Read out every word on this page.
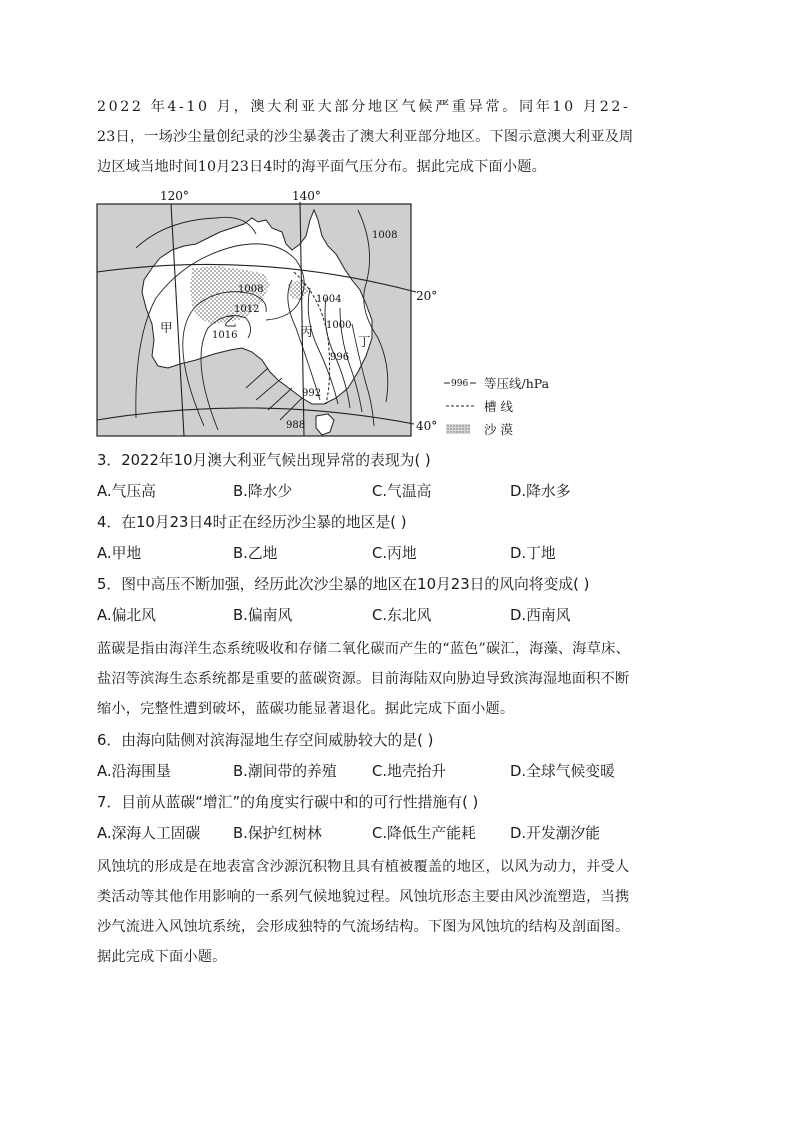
2022 年4-10 月，澳大利亚大部分地区气候严重异常。同年10 月22-

23日，一场沙尘量创纪录的沙尘暴袭击了澳大利亚部分地区。下图示意澳大利亚及周

边区域当地时间10月23日4时的海平面气压分布。据此完成下面小题。

1008
1008
1012
1016
1004
1000
996
992
988
甲	乙
丙
丁
120°	140°
20°
40°
996 等压线/hPa
槽 线
沙 漠
3．2022年10月澳大利亚气候出现异常的表现为( )
A.气压高	B.降水少	C.气温高	D.降水多
4．在10月23日4时正在经历沙尘暴的地区是( )
A.甲地	B.乙地	C.丙地	D.丁地
5．图中高压不断加强，经历此次沙尘暴的地区在10月23日的风向将变成( )
A.偏北风	B.偏南风	C.东北风	D.西南风

蓝碳是指由海洋生态系统吸收和存储二氧化碳而产生的“蓝色”碳汇，海藻、海草床、

盐沼等滨海生态系统都是重要的蓝碳资源。目前海陆双向胁迫导致滨海湿地面积不断

缩小，完整性遭到破坏，蓝碳功能显著退化。据此完成下面小题。

6．由海向陆侧对滨海湿地生存空间威胁较大的是( )
A.沿海围垦	B.潮间带的养殖 C.地壳抬升	D.全球气候变暖
7．目前从蓝碳“增汇”的角度实行碳中和的可行性措施有( )
A.深海人工固碳 B.保护红树林	C.降低生产能耗 D.开发潮汐能

风蚀坑的形成是在地表富含沙源沉积物且具有植被覆盖的地区，以风为动力，并受人

类活动等其他作用影响的一系列气候地貌过程。风蚀坑形态主要由风沙流塑造，当携

沙气流进入风蚀坑系统，会形成独特的气流场结构。下图为风蚀坑的结构及剖面图。

据此完成下面小题。
